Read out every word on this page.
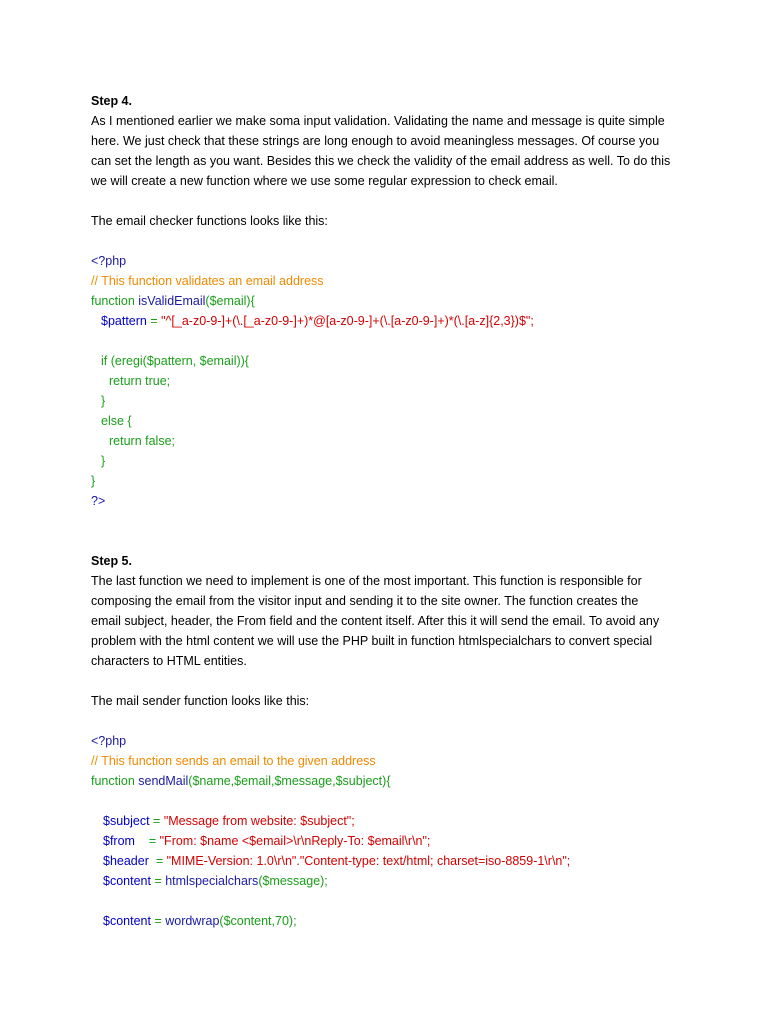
Step 4.
As I mentioned earlier we make soma input validation. Validating the name and message is quite simple
here. We just check that these strings are long enough to avoid meaningless messages. Of course you
can set the length as you want. Besides this we check the validity of the email address as well. To do this
we will create a new function where we use some regular expression to check email.
The email checker functions looks like this:
<?php
// This function validates an email address
function isValidEmail($email){
$pattern = "^[_a-z0-9-]+(\.[_a-z0-9-]+)*@[a-z0-9-]+(\.[a-z0-9-]+)*(\.[a-z]{2,3})$";
if (eregi($pattern, $email)){
return true;
}
else {
return false;
}
}
?>
Step 5.
The last function we need to implement is one of the most important. This function is responsible for
composing the email from the visitor input and sending it to the site owner. The function creates the
email subject, header, the From field and the content itself. After this it will send the email. To avoid any
problem with the html content we will use the PHP built in function htmlspecialchars to convert special
characters to HTML entities.
The mail sender function looks like this:
<?php
// This function sends an email to the given address
function sendMail($name,$email,$message,$subject){
$subject = "Message from website: $subject";
$from    = "From: $name <$email>\r\nReply-To: $email\r\n";
$header  = "MIME-Version: 1.0\r\n"."Content-type: text/html; charset=iso-8859-1\r\n";
$content = htmlspecialchars($message);
$content = wordwrap($content,70);
